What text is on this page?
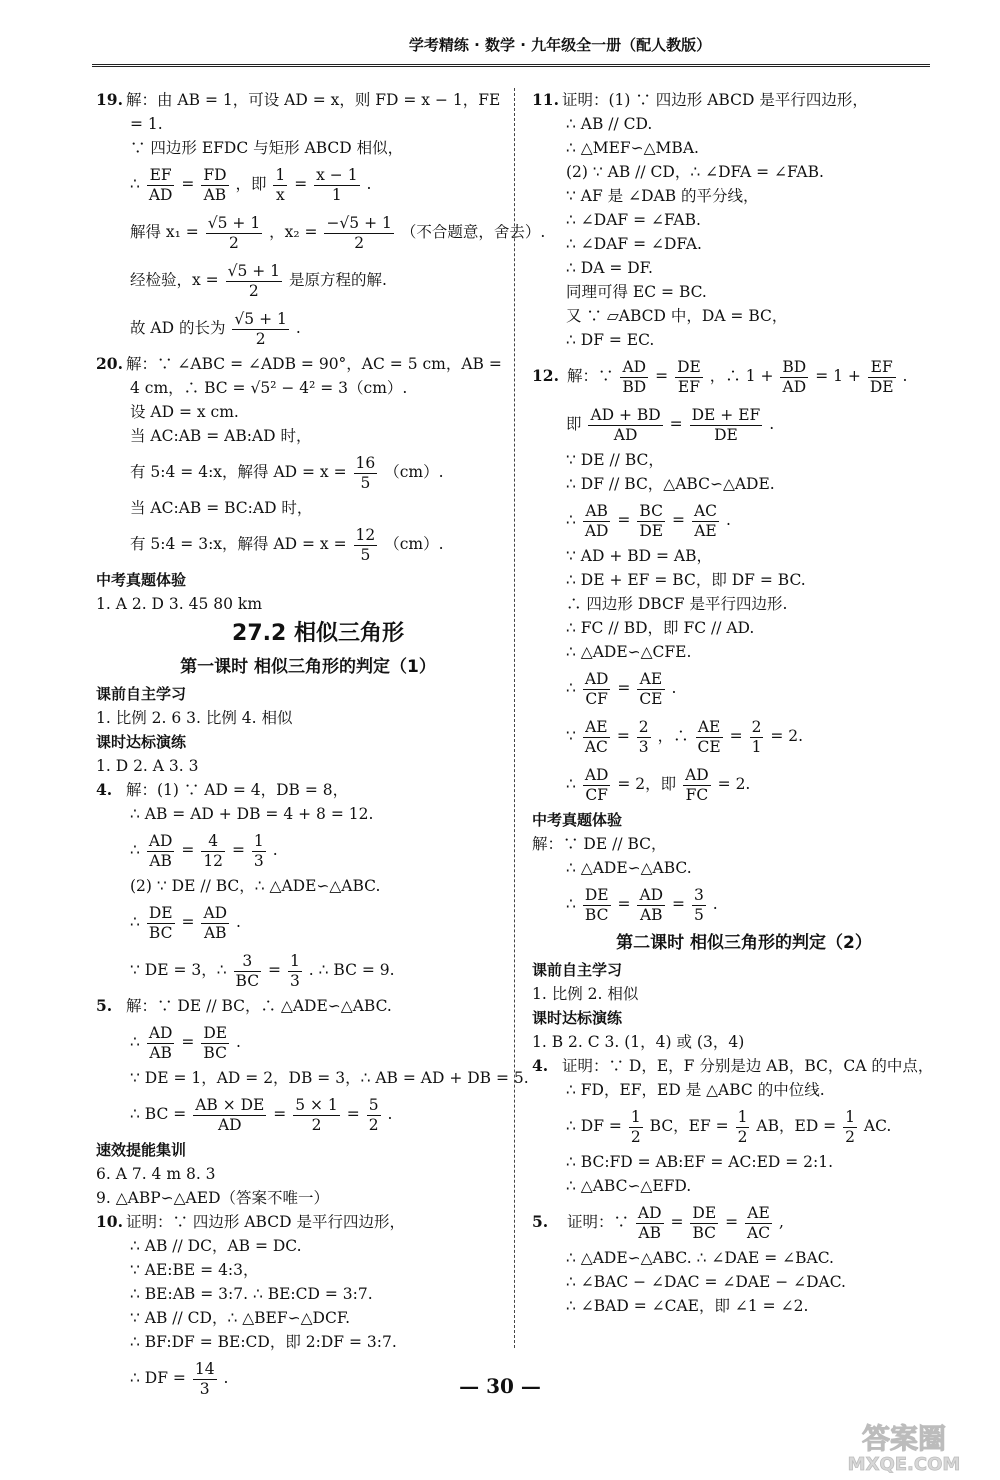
学考精练 · 数学 · 九年级全一册（配人教版）
19. 解：由 AB = 1，可设 AD = x，则 FD = x − 1，FE
= 1.
∵ 四边形 EFDC 与矩形 ABCD 相似，
∴ $\frac{EF}{AD} = \frac{FD}{AB}$ ，即 $\frac{1}{x} = \frac{x - 1}{1}$ .
解得 $x_1 = \frac{√5 + 1}{2}$ ，$x_2 = \frac{-√5 + 1}{2}$ （不合题意，舍去）.
经检验，$x = \frac{√5 + 1}{2}$ 是原方程的解.
故 AD 的长为 $\frac{√5 + 1}{2}$ .
20. 解：∵ ∠ABC = ∠ADB = 90°，AC = 5 cm，AB =
4 cm，∴ BC = √5² − 4² = 3（cm）.
设 AD = x cm.
当 AC:AB = AB:AD 时，
有 5:4 = 4:x，解得 AD = $x = \frac{16}{5} (cm)$.
当 AC:AB = BC:AD 时，
有 5:4 = 3:x，解得 AD = $x = \frac{12}{5} (cm)$.
中考真题体验
1. A 2. D 3. 45 80 km
27.2 相似三角形
第一课时 相似三角形的判定（1）
课前自主学习
1. 比例 2. 6 3. 比例 4. 相似
课时达标演练
1. D 2. A 3. 3
4. 解：(1) ∵ AD = 4，DB = 8，
∴ AB = AD + DB = 4 + 8 = 12.
∴ $\frac{AD}{AB} = \frac{4}{12} = \frac{1}{3}$ .
(2) ∵ DE // BC，∴ △ADE∽△ABC.
∴ $\frac{DE}{BC} = \frac{AD}{AB}$ .
∵ DE = 3，∴ $\frac{3}{BC} = \frac{1}{3}$ . ∴ BC = 9.
5. 解：∵ DE // BC，∴ △ADE∽△ABC.
∴ $\frac{AD}{AB} = \frac{DE}{BC}$ .
∵ DE = 1，AD = 2，DB = 3，∴ AB = AD + DB = 5.
∴ BC = $\frac{AB \times DE}{AD} = \frac{5 \times 1}{2} = \frac{5}{2}$ .
速效提能集训
6. A 7. 4 m 8. 3
9. △ABP∽△AED（答案不唯一）
10. 证明：∵ 四边形 ABCD 是平行四边形，
∴ AB // DC，AB = DC.
∵ AE:BE = 4:3，
∴ BE:AB = 3:7. ∴ BE:CD = 3:7.
∵ AB // CD，∴ △BEF∽△DCF.
∴ BF:DF = BE:CD，即 2:DF = 3:7.
∴ DF = $\frac{14}{3}$ .
11. 证明：(1) ∵ 四边形 ABCD 是平行四边形，
∴ AB // CD.
∴ △MEF∽△MBA.
(2) ∵ AB // CD，∴ ∠DFA = ∠FAB.
∵ AF 是 ∠DAB 的平分线，
∴ ∠DAF = ∠FAB.
∴ ∠DAF = ∠DFA.
∴ DA = DF.
同理可得 EC = BC.
又 ∵ ▱ABCD 中，DA = BC，
∴ DF = EC.
12. 解：∵ $\frac{AD}{BD} = \frac{DE}{EF}$ ，∴ $1 + \frac{BD}{AD} = 1 + \frac{EF}{DE}$ .
即 $\frac{AD + BD}{AD} = \frac{DE + EF}{DE}$ .
∵ DE // BC，
∴ DF // BC，△ABC∽△ADE.
∴ $\frac{AB}{AD} = \frac{BC}{DE} = \frac{AC}{AE}$ .
∵ AD + BD = AB，
∴ DE + EF = BC，即 DF = BC.
∴ 四边形 DBCF 是平行四边形.
∴ FC // BD，即 FC // AD.
∴ △ADE∽△CFE.
∴ $\frac{AD}{CF} = \frac{AE}{CE}$ .
∵ $\frac{AE}{AC} = \frac{2}{3}$ ，∴ $\frac{AE}{CE} = \frac{2}{1} = 2$.
∴ $\frac{AD}{CF} = 2$，即 $\frac{AD}{FC} = 2$.
中考真题体验
解：∵ DE // BC，
∴ △ADE∽△ABC.
∴ $\frac{DE}{BC} = \frac{AD}{AB} = \frac{3}{5}$ .
第二课时 相似三角形的判定（2）
课前自主学习
1. 比例 2. 相似
课时达标演练
1. B 2. C 3. (1，4) 或 (3，4)
4. 证明：∵ D，E，F 分别是边 AB，BC，CA 的中点，
∴ FD，EF，ED 是 △ABC 的中位线.
∴ DF = $\frac{1}{2}$ BC，EF = $\frac{1}{2}$ AB，ED = $\frac{1}{2}$ AC.
∴ BC:FD = AB:EF = AC:ED = 2:1.
∴ △ABC∽△EFD.
5. 证明：∵ $\frac{AD}{AB} = \frac{DE}{BC} = \frac{AE}{AC}$ ,
∴ △ADE∽△ABC. ∴ ∠DAE = ∠BAC.
∴ ∠BAC − ∠DAC = ∠DAE − ∠DAC.
∴ ∠BAD = ∠CAE，即 ∠1 = ∠2.
— 30 —
答案圈
MXQE.COM
